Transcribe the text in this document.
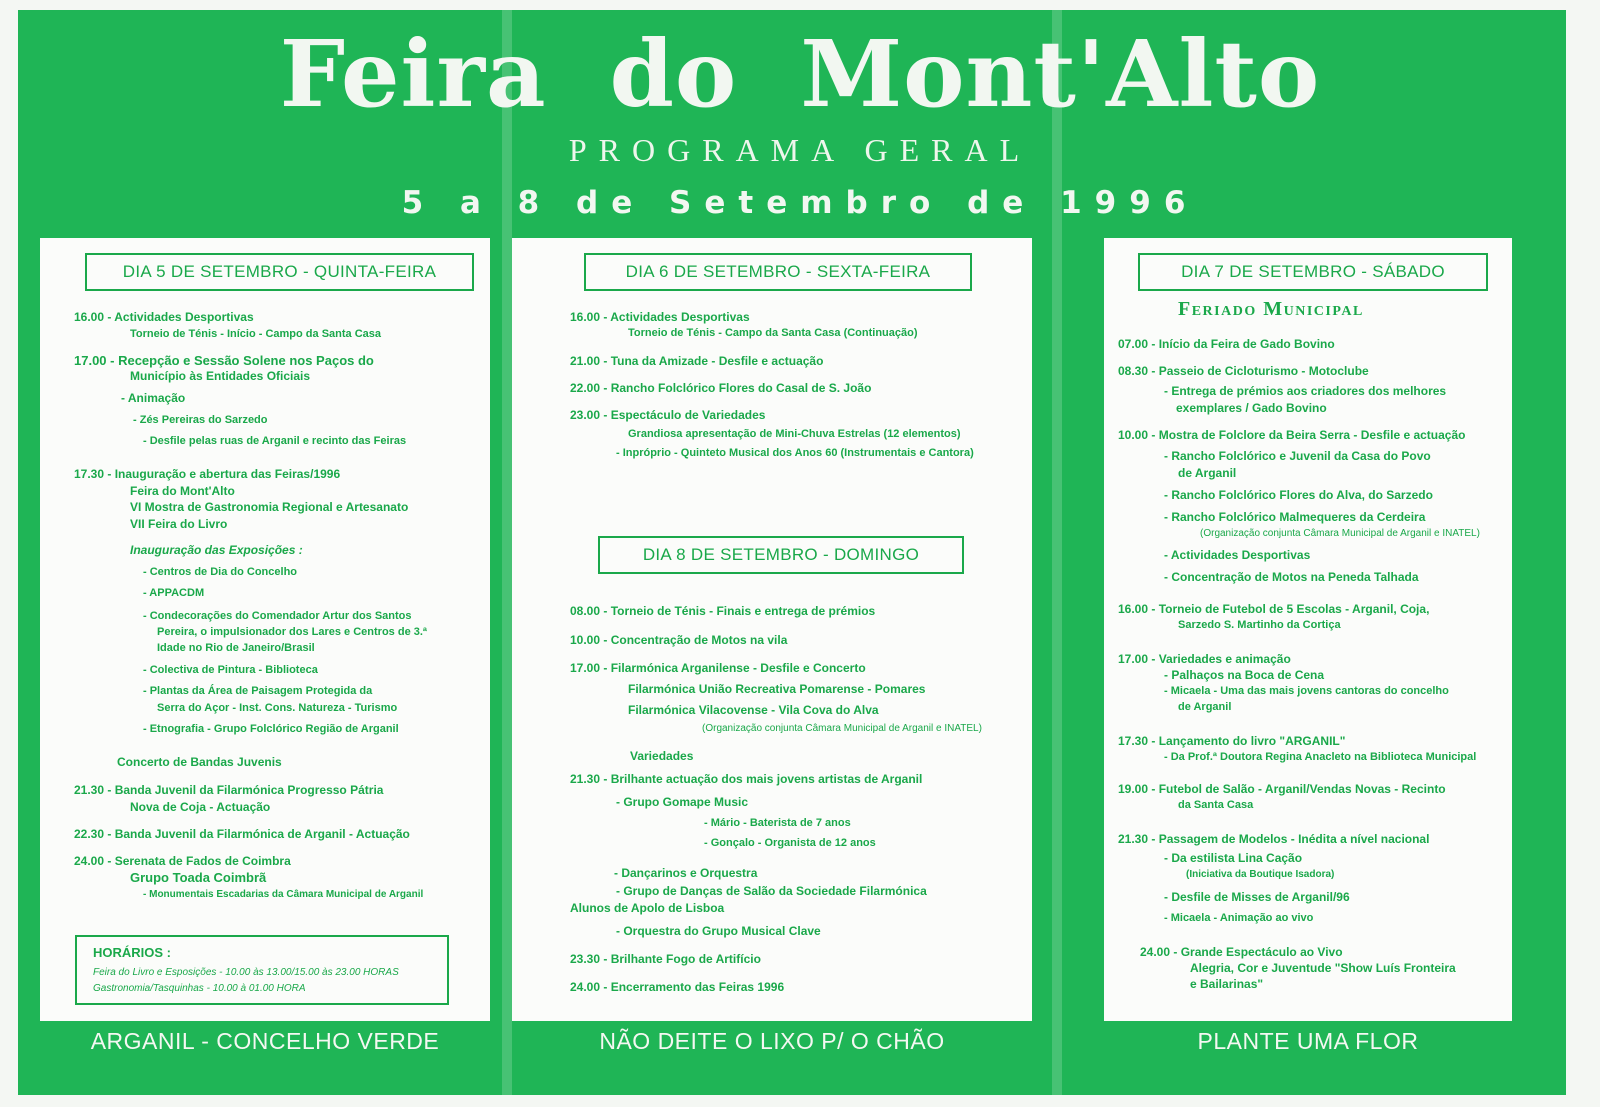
Feira do Mont'Alto
PROGRAMA GERAL
5 a 8 de Setembro de 1996
DIA 5 DE SETEMBRO - QUINTA-FEIRA
16.00 - Actividades Desportivas
Torneio de Ténis - Início - Campo da Santa Casa
17.00 - Recepção e Sessão Solene nos Paços do
Município às Entidades Oficiais
- Animação
- Zés Pereiras do Sarzedo
- Desfile pelas ruas de Arganil e recinto das Feiras
17.30 - Inauguração e abertura das Feiras/1996
Feira do Mont'Alto
VI Mostra de Gastronomia Regional e Artesanato
VII Feira do Livro
Inauguração das Exposições :
- Centros de Dia do Concelho
- APPACDM
- Condecorações do Comendador Artur dos Santos
Pereira, o impulsionador dos Lares e Centros de 3.ª
Idade no Rio de Janeiro/Brasil
- Colectiva de Pintura - Biblioteca
- Plantas da Área de Paisagem Protegida da
Serra do Açor - Inst. Cons. Natureza - Turismo
- Etnografia - Grupo Folclórico Região de Arganil
Concerto de Bandas Juvenis
21.30 - Banda Juvenil da Filarmónica Progresso Pátria
Nova de Coja - Actuação
22.30 - Banda Juvenil da Filarmónica de Arganil - Actuação
24.00 - Serenata de Fados de Coimbra
Grupo Toada Coimbrã
- Monumentais Escadarias da Câmara Municipal de Arganil
HORÁRIOS :
Feira do Livro e Esposições - 10.00 às 13.00/15.00 às 23.00 HORAS
Gastronomia/Tasquinhas - 10.00 à 01.00 HORA
DIA 6 DE SETEMBRO - SEXTA-FEIRA
16.00 - Actividades Desportivas
Torneio de Ténis - Campo da Santa Casa (Continuação)
21.00 - Tuna da Amizade - Desfile e actuação
22.00 - Rancho Folclórico Flores do Casal de S. João
23.00 - Espectáculo de Variedades
Grandiosa apresentação de Mini-Chuva Estrelas (12 elementos)
- Inpróprio - Quinteto Musical dos Anos 60 (Instrumentais e Cantora)
DIA 8 DE SETEMBRO - DOMINGO
08.00 - Torneio de Ténis - Finais e entrega de prémios
10.00 - Concentração de Motos na vila
17.00 - Filarmónica Arganilense - Desfile e Concerto
Filarmónica União Recreativa Pomarense - Pomares
Filarmónica Vilacovense - Vila Cova do Alva
(Organização conjunta Câmara Municipal de Arganil e INATEL)
Variedades
21.30 - Brilhante actuação dos mais jovens artistas de Arganil
- Grupo Gomape Music
- Mário - Baterista de 7 anos
- Gonçalo - Organista de 12 anos
- Dançarinos e Orquestra
- Grupo de Danças de Salão da Sociedade Filarmónica
Alunos de Apolo de Lisboa
- Orquestra do Grupo Musical Clave
23.30 - Brilhante Fogo de Artifício
24.00 - Encerramento das Feiras 1996
DIA 7 DE SETEMBRO - SÁBADO
Feriado Municipal
07.00 - Início da Feira de Gado Bovino
08.30 - Passeio de Cicloturismo - Motoclube
- Entrega de prémios aos criadores dos melhores
exemplares / Gado Bovino
10.00 - Mostra de Folclore da Beira Serra - Desfile e actuação
- Rancho Folclórico e Juvenil da Casa do Povo
de Arganil
- Rancho Folclórico Flores do Alva, do Sarzedo
- Rancho Folclórico Malmequeres da Cerdeira
(Organização conjunta Câmara Municipal de Arganil e INATEL)
- Actividades Desportivas
- Concentração de Motos na Peneda Talhada
16.00 - Torneio de Futebol de 5 Escolas - Arganil, Coja,
Sarzedo S. Martinho da Cortiça
17.00 - Variedades e animação
- Palhaços na Boca de Cena
- Micaela - Uma das mais jovens cantoras do concelho
de Arganil
17.30 - Lançamento do livro "ARGANIL"
- Da Prof.ª Doutora Regina Anacleto na Biblioteca Municipal
19.00 - Futebol de Salão - Arganil/Vendas Novas - Recinto
da Santa Casa
21.30 - Passagem de Modelos - Inédita a nível nacional
- Da estilista Lina Cação
(Iniciativa da Boutique Isadora)
- Desfile de Misses de Arganil/96
- Micaela - Animação ao vivo
24.00 - Grande Espectáculo ao Vivo
Alegria, Cor e Juventude "Show Luís Fronteira
e Bailarinas"
ARGANIL - CONCELHO VERDE	NÃO DEITE O LIXO P/ O CHÃO	PLANTE UMA FLOR
